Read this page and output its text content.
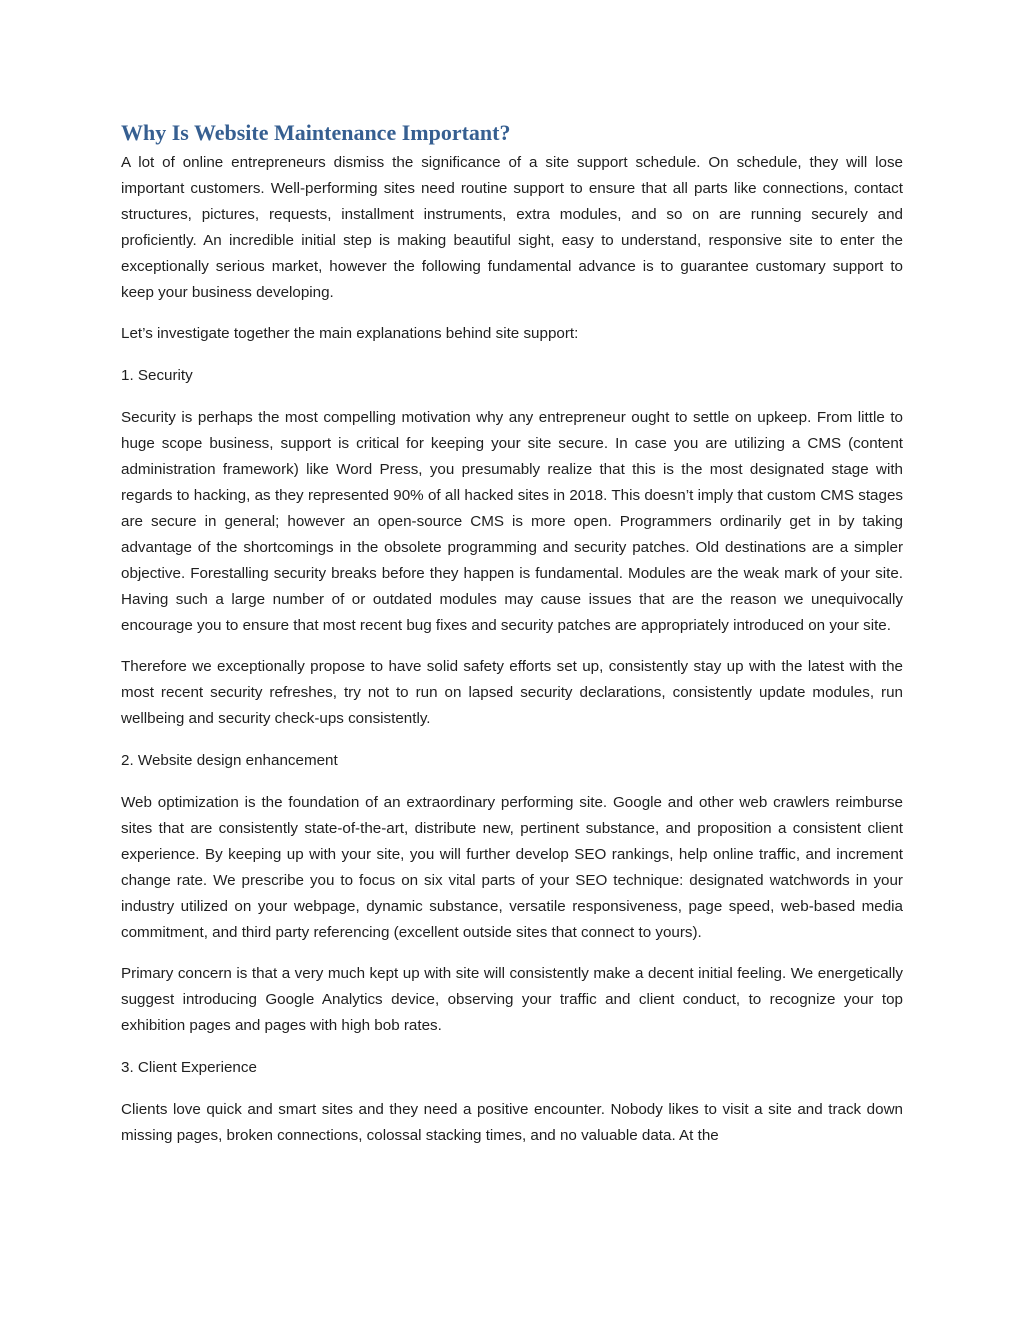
Why Is Website Maintenance Important?

A lot of online entrepreneurs dismiss the significance of a site support schedule. On schedule, they will lose important customers. Well-performing sites need routine support to ensure that all parts like connections, contact structures, pictures, requests, installment instruments, extra modules, and so on are running securely and proficiently. An incredible initial step is making beautiful sight, easy to understand, responsive site to enter the exceptionally serious market, however the following fundamental advance is to guarantee customary support to keep your business developing.

Let’s investigate together the main explanations behind site support:

1. Security

Security is perhaps the most compelling motivation why any entrepreneur ought to settle on upkeep. From little to huge scope business, support is critical for keeping your site secure. In case you are utilizing a CMS (content administration framework) like Word Press, you presumably realize that this is the most designated stage with regards to hacking, as they represented 90% of all hacked sites in 2018. This doesn’t imply that custom CMS stages are secure in general; however an open-source CMS is more open. Programmers ordinarily get in by taking advantage of the shortcomings in the obsolete programming and security patches. Old destinations are a simpler objective. Forestalling security breaks before they happen is fundamental. Modules are the weak mark of your site. Having such a large number of or outdated modules may cause issues that are the reason we unequivocally encourage you to ensure that most recent bug fixes and security patches are appropriately introduced on your site.

Therefore we exceptionally propose to have solid safety efforts set up, consistently stay up with the latest with the most recent security refreshes, try not to run on lapsed security declarations, consistently update modules, run wellbeing and security check-ups consistently.

2. Website design enhancement

Web optimization is the foundation of an extraordinary performing site. Google and other web crawlers reimburse sites that are consistently state-of-the-art, distribute new, pertinent substance, and proposition a consistent client experience. By keeping up with your site, you will further develop SEO rankings, help online traffic, and increment change rate. We prescribe you to focus on six vital parts of your SEO technique: designated watchwords in your industry utilized on your webpage, dynamic substance, versatile responsiveness, page speed, web-based media commitment, and third party referencing (excellent outside sites that connect to yours).

Primary concern is that a very much kept up with site will consistently make a decent initial feeling. We energetically suggest introducing Google Analytics device, observing your traffic and client conduct, to recognize your top exhibition pages and pages with high bob rates.

3. Client Experience

Clients love quick and smart sites and they need a positive encounter. Nobody likes to visit a site and track down missing pages, broken connections, colossal stacking times, and no valuable data. At the
